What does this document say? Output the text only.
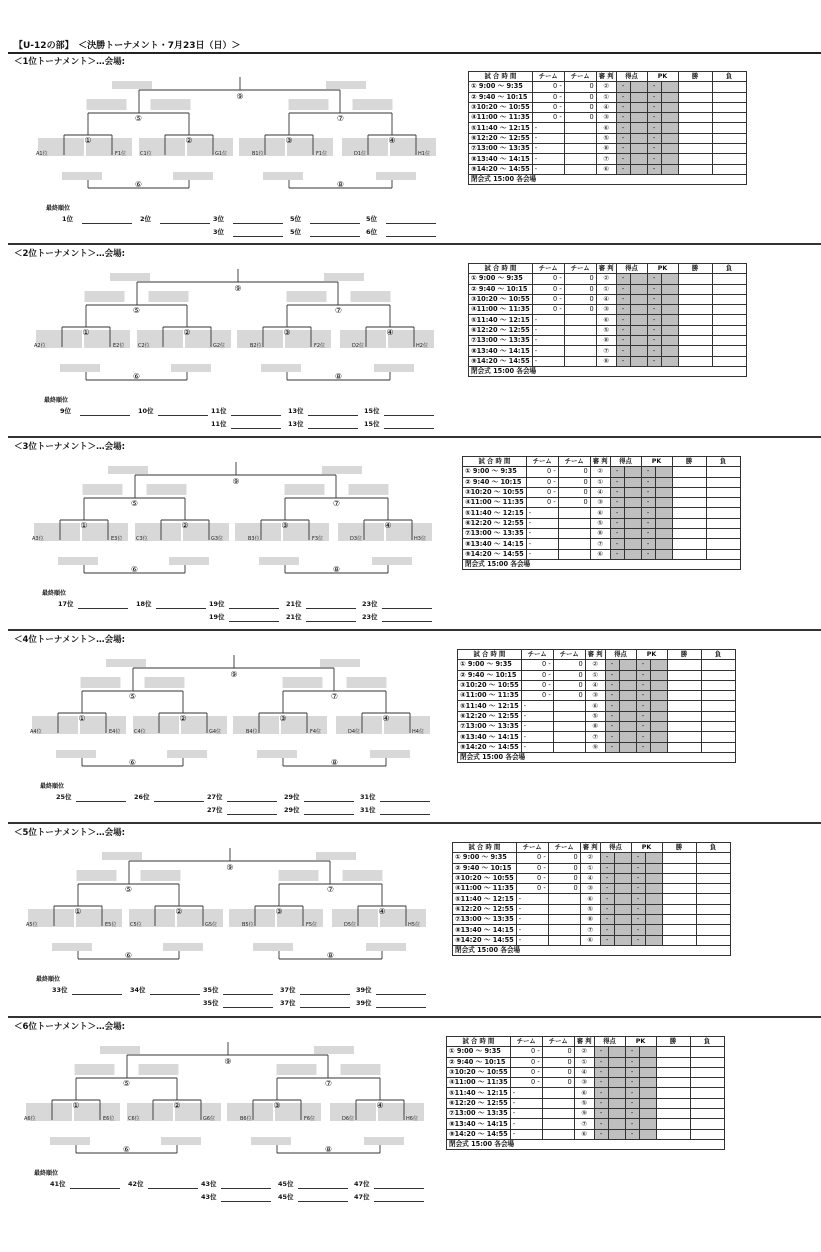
【U-12の部】　＜決勝トーナメント・7月23日（日）＞
＜1位トーナメント＞…会場:
①	②	③	④
⑤	⑦
⑨
⑥	⑧
A1位	F1位	C1位	G1位	B1位	F1位	D1位	H1位
最終順位
1位	2位	3位	5位	5位
3位	5位	6位
試 合 時 間	チーム	チーム	審 判	得点		PK		勝	負
① 9:00 ～ 9:35	0 -	0	②	-		-			
② 9:40 ～ 10:15	0 -	0	①	-		-			
③10:20 ～ 10:55	0 -	0	④	-		-			
④11:00 ～ 11:35	0 -	0	③	-		-			
⑤11:40 ～ 12:15	-		⑥	-		-			
⑥12:20 ～ 12:55	-		⑤	-		-			
⑦13:00 ～ 13:35	-		⑧	-		-			
⑧13:40 ～ 14:15	-		⑦	-		-			
⑨14:20 ～ 14:55	-		⑥	-		-			
閉会式 15:00 各会場									
＜2位トーナメント＞…会場:
①	②	③	④
⑤	⑦
⑨
⑥	⑧
A2位	E2位	C2位	G2位	B2位	F2位	D2位	H2位
最終順位
9位	10位	11位	13位	15位
11位	13位	15位
試 合 時 間	チーム	チーム	審 判	得点		PK		勝	負
① 9:00 ～ 9:35	0 -	0	②	-		-			
② 9:40 ～ 10:15	0 -	0	①	-		-			
③10:20 ～ 10:55	0 -	0	④	-		-			
④11:00 ～ 11:35	0 -	0	③	-		-			
⑤11:40 ～ 12:15	-		⑥	-		-			
⑥12:20 ～ 12:55	-		⑤	-		-			
⑦13:00 ～ 13:35	-		⑧	-		-			
⑧13:40 ～ 14:15	-		⑦	-		-			
⑨14:20 ～ 14:55	-		⑧	-		-			
閉会式 15:00 各会場									
＜3位トーナメント＞…会場:
①	②	③	④
⑤	⑦
⑨
⑥	⑧
A3位	E3位	C3位	G3位	B3位	F3位	D3位	H3位
最終順位
17位	18位	19位	21位	23位
19位	21位	23位
試 合 時 間	チーム	チーム	審 判	得点		PK		勝	負
① 9:00 ～ 9:35	0 -	0	②	-		-			
② 9:40 ～ 10:15	0 -	0	①	-		-			
③10:20 ～ 10:55	0 -	0	④	-		-			
④11:00 ～ 11:35	0 -	0	③	-		-			
⑤11:40 ～ 12:15	-		⑥	-		-			
⑥12:20 ～ 12:55	-		⑤	-		-			
⑦13:00 ～ 13:35	-		⑧	-		-			
⑧13:40 ～ 14:15	-		⑦	-		-			
⑨14:20 ～ 14:55	-		⑥	-		-			
閉会式 15:00 各会場									
＜4位トーナメント＞…会場:
①	②	③	④
⑤	⑦
⑨
⑥	⑧
A4位	E4位	C4位	G4位	B4位	F4位	D4位	H4位
最終順位
25位	26位	27位	29位	31位
27位	29位	31位
試 合 時 間	チーム	チーム	審 判	得点		PK		勝	負
① 9:00 ～ 9:35	0 -	0	②	-		-			
② 9:40 ～ 10:15	0 -	0	①	-		-			
③10:20 ～ 10:55	0 -	0	④	-		-			
④11:00 ～ 11:35	0 -	0	③	-		-			
⑤11:40 ～ 12:15	-		⑥	-		-			
⑥12:20 ～ 12:55	-		⑤	-		-			
⑦13:00 ～ 13:35	-		⑧	-		-			
⑧13:40 ～ 14:15	-		⑦	-		-			
⑨14:20 ～ 14:55	-		⑨	-		-			
閉会式 15:00 各会場									
＜5位トーナメント＞…会場:
①	②	③	④
⑤	⑦
⑨
⑥	⑧
A5位	E5位	C5位	G5位	B5位	F5位	D5位	H5位
最終順位
33位	34位	35位	37位	39位
35位	37位	39位
試 合 時 間	チーム	チーム	審 判	得点		PK		勝	負
① 9:00 ～ 9:35	0 -	0	②	-		-			
② 9:40 ～ 10:15	0 -	0	①	-		-			
③10:20 ～ 10:55	0 -	0	④	-		-			
④11:00 ～ 11:35	0 -	0	③	-		-			
⑤11:40 ～ 12:15	-		⑥	-		-			
⑥12:20 ～ 12:55	-		⑤	-		-			
⑦13:00 ～ 13:35	-		⑧	-		-			
⑧13:40 ～ 14:15	-		⑦	-		-			
⑨14:20 ～ 14:55	-		⑥	-		-			
閉会式 15:00 各会場									
＜6位トーナメント＞…会場:
①	②	③	④
⑤	⑦
⑨
⑥	⑧
A6位	E6位	C6位	G6位	B6位	F6位	D6位	H6位
最終順位
41位	42位	43位	45位	47位
43位	45位	47位
試 合 時 間	チーム	チーム	審 判	得点		PK		勝	負
① 9:00 ～ 9:35	0 -	0	②	-		-			
② 9:40 ～ 10:15	0 -	0	①	-		-			
③10:20 ～ 10:55	0 -	0	④	-		-			
④11:00 ～ 11:35	0 -	0	③	-		-			
⑤11:40 ～ 12:15	-		⑥	-		-			
⑥12:20 ～ 12:55	-		⑤	-		-			
⑦13:00 ～ 13:35	-		⑨	-		-			
⑧13:40 ～ 14:15	-		⑦	-		-			
⑨14:20 ～ 14:55	-		⑥	-		-			
閉会式 15:00 各会場									
